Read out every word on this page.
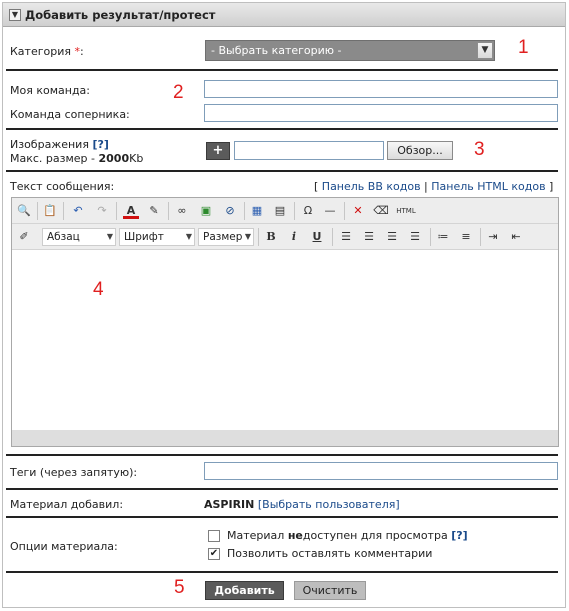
▼ Добавить результат/протест
Категория *:	- Выбрать категорию -	▼ 1
Моя команда:
Команда соперника:
2
Изображения [?]
Макс. размер - 2000Kb
+	Обзор...	3
Текст сообщения:	[ Панель BB кодов | Панель HTML кодов ]
🔍 📋	↶	↷	A	✎	∞	▣	⊘	▦ ▤	Ω	—	✕ ⌫ HTML
✐	Абзац	▼	Шрифт	▼	Размер ▼	B	i	U	☰ ☰ ☰ ☰ ≔	≡	⇥	⇤
4
Теги (через запятую):
Материал добавил:	ASPIRIN [Выбрать пользователя]
Опции материала:
Материал недоступен для просмотра [?]
✔ Позволить оставлять комментарии
5	Добавить	Очистить
